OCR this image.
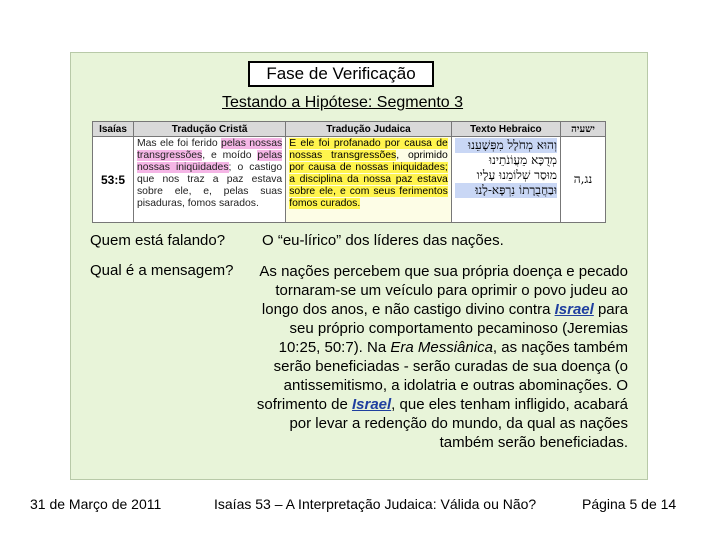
Fase de Verificação
Testando a Hipótese: Segmento 3
Isaías	Tradução Cristã	Tradução Judaica	Texto Hebraico	ישעיה
53:5	Mas ele foi ferido pelas nossas transgressões, e moído pelas nossas iniqüidades; o castigo que nos traz a paz estava sobre ele, e, pelas suas pisaduras, fomos sarados.	E ele foi profanado por causa de nossas transgressões, oprimido por causa de nossas iniquidades; a disciplina da nossa paz estava sobre ele, e com seus ferimentos fomos curados.	וְהוּא מְחֹלָל מִפְּשָׁעֵנוּ
מְדֻכָּא מֵעֲוֹנֹתֵינוּ
מוּסַר שְׁלוֹמֵנוּ עָלָיו
וּבַחֲבֻרָתוֹ נִרְפָּא-לָנוּ׃	נג,ה
Quem está falando? O “eu-lírico” dos líderes das nações.
Qual é a mensagem?	As nações percebem que sua própria doença e pecado tornaram-se um veículo para oprimir o povo judeu ao longo dos anos, e não castigo divino contra Israel para seu próprio comportamento pecaminoso (Jeremias 10:25, 50:7). Na Era Messiânica, as nações também serão beneficiadas - serão curadas de sua doença (o antissemitismo, a idolatria e outras abominações. O sofrimento de Israel, que eles tenham infligido, acabará por levar a redenção do mundo, da qual as nações também serão beneficiadas.
31 de Março de 2011	Isaías 53 – A Interpretação Judaica: Válida ou Não?	Página 5 de 14
